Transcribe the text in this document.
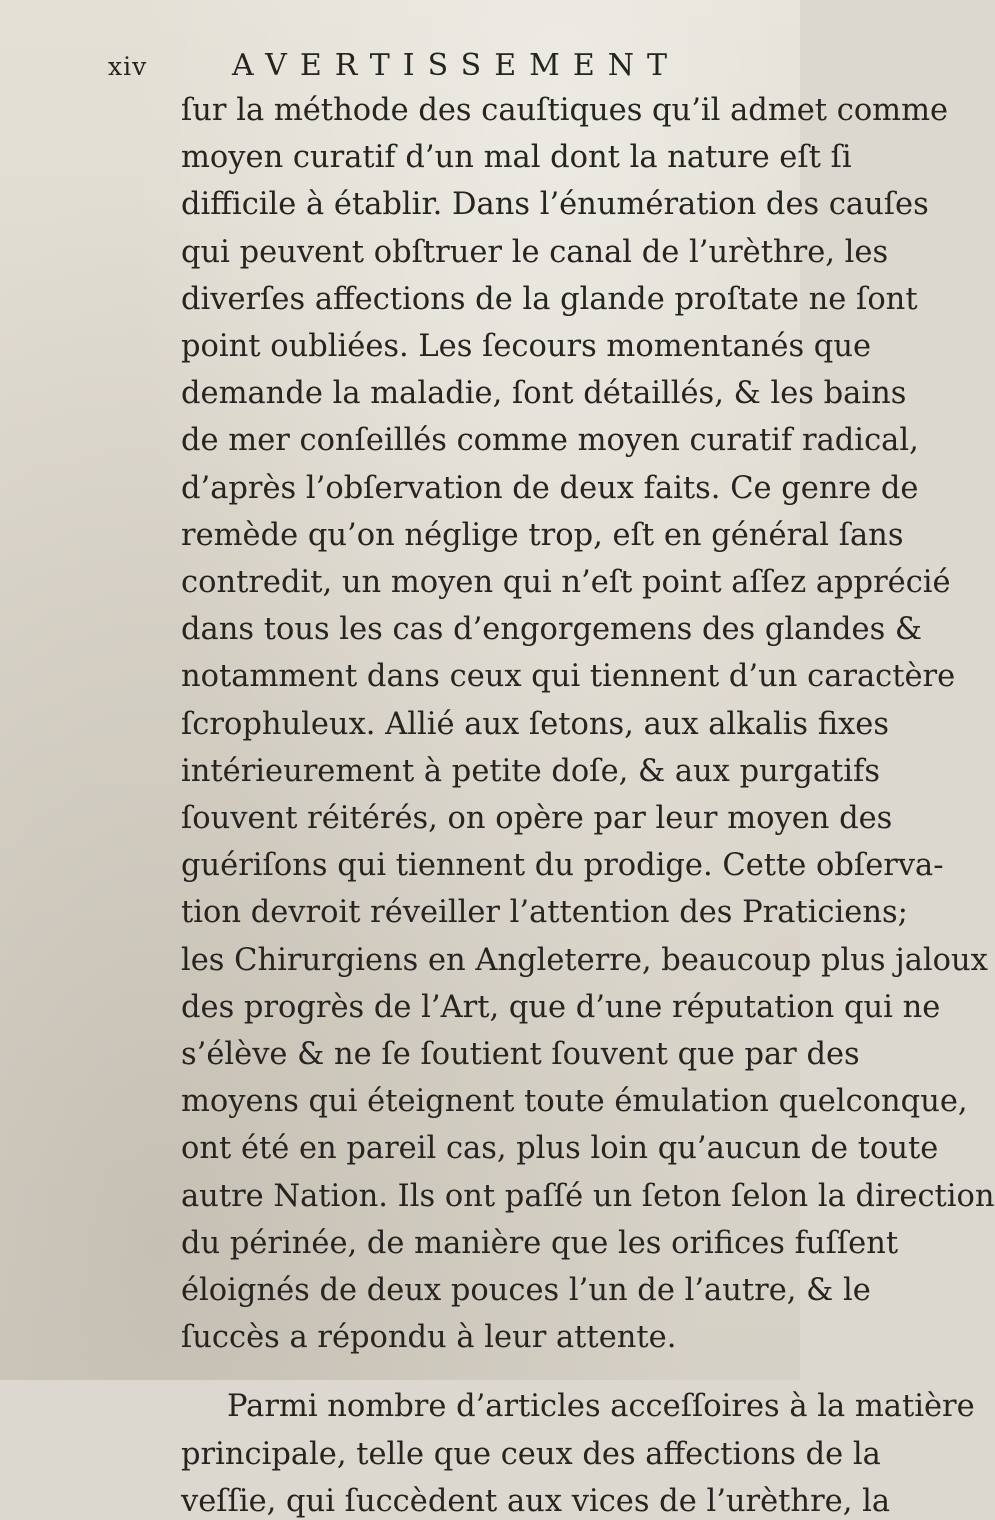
xiv	AVERTISSEMENT
ſur la méthode des cauſtiques qu’il admet comme
moyen curatif d’un mal dont la nature eſt ſi
difficile à établir. Dans l’énumération des cauſes
qui peuvent obſtruer le canal de l’urèthre, les
diverſes affections de la glande proſtate ne ſont
point oubliées. Les ſecours momentanés que
demande la maladie, ſont détaillés, & les bains
de mer conſeillés comme moyen curatif radical,
d’après l’obſervation de deux faits. Ce genre de
remède qu’on néglige trop, eſt en général ſans
contredit, un moyen qui n’eſt point aſſez apprécié
dans tous les cas d’engorgemens des glandes &
notamment dans ceux qui tiennent d’un caractère
ſcrophuleux. Allié aux ſetons, aux alkalis fixes
intérieurement à petite doſe, & aux purgatifs
ſouvent réitérés, on opère par leur moyen des
guériſons qui tiennent du prodige. Cette obſerva-
tion devroit réveiller l’attention des Praticiens;
les Chirurgiens en Angleterre, beaucoup plus jaloux
des progrès de l’Art, que d’une réputation qui ne
s’élève & ne ſe ſoutient ſouvent que par des
moyens qui éteignent toute émulation quelconque,
ont été en pareil cas, plus loin qu’aucun de toute
autre Nation. Ils ont paſſé un ſeton ſelon la direction
du périnée, de manière que les orifices fuſſent
éloignés de deux pouces l’un de l’autre, & le
ſuccès a répondu à leur attente.
Parmi nombre d’articles acceſſoires à la matière
principale, telle que ceux des affections de la
veſſie, qui ſuccèdent aux vices de l’urèthre, la
